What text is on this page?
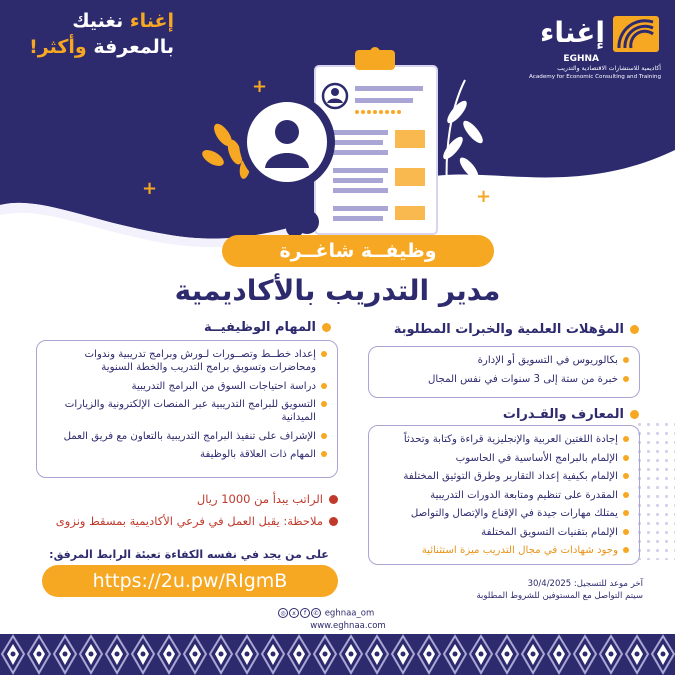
إغناء نغنيك
بالمعرفة وأكثر!	إغناء
EGHNA
أكاديمية للاستشارات الاقتصادية والتدريب
Academy for Economic Consulting and Training
+
+	+
وظيفــة شاغــرة
مدير التدريب بالأكاديمية
المؤهلات العلمية والخبرات المطلوبة
بكالوريوس في التسويق أو الإدارة
خبرة من ستة إلى 3 سنوات في نفس المجال
المعارف والقـدرات
إجادة اللغتين العربية والإنجليزية قراءة وكتابة وتحدثاً
الإلمام بالبرامج الأساسية في الحاسوب
الإلمام بكيفية إعداد التقارير وطرق التوثيق المختلفة
المقدرة على تنظيم ومتابعة الدورات التدريبية
يمتلك مهارات جيدة في الإقناع والإتصال والتواصل
الإلمام بتقنيات التسويق المختلفة
وجود شهادات في مجال التدريب ميزة استثنائية
المهام الوظيفيــة
إعداد خطــط وتصــورات لـورش وبرامج تدريبية وندوات ومحاضرات وتسويق برامج التدريب والخطة السنوية
دراسة احتياجات السوق من البرامج التدريبية
التسويق للبرامج التدريبية عبر المنصات الإلكترونية والزيارات الميدانية
الإشراف على تنفيذ البرامج التدريبية بالتعاون مع فريق العمل
المهام ذات العلاقة بالوظيفة
الراتب يبدأ من 1000 ريال
ملاحظة: يقبل العمل في فرعي الأكاديمية بمسقط ونزوى
على من يجد في نفسه الكفاءة تعبئة الرابط المرفق:
https://2u.pw/RIgmB	آخر موعد للتسجيل: 30/4/2025
سيتم التواصل مع المستوفين للشروط المطلوبة
◎ x f ✆ eghnaa_om
www.eghnaa.com
